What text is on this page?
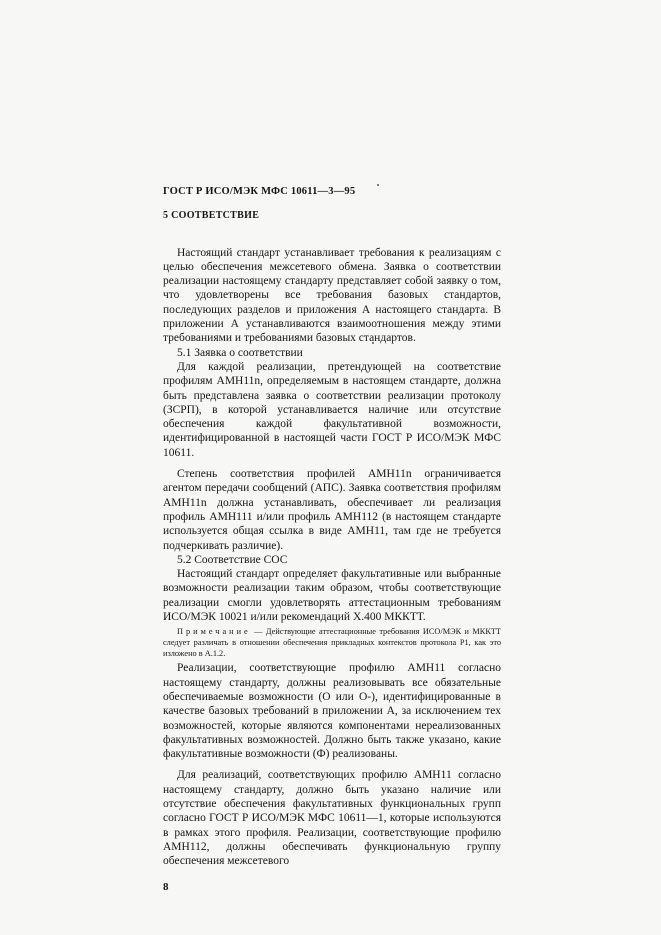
ГОСТ Р ИСО/МЭК МФС 10611—3—95
5 СООТВЕТСТВИЕ

Настоящий стандарт устанавливает требования к реализациям с целью обеспечения межсетевого обмена. Заявка о соответствии реализации настоящему стандарту представляет собой заявку о том, что удовлетворены все требования базовых стандартов, последующих разделов и приложения А настоящего стандарта. В приложении А устанавливаются взаимоотношения между этими требованиями и требованиями базовых стандартов.

5.1 Заявка о соответствии

Для каждой реализации, претендующей на соответствие профилям АМН11n, определяемым в настоящем стандарте, должна быть представлена заявка о соответствии реализации протоколу (ЗСРП), в которой устанавливается наличие или отсутствие обеспечения каждой факультативной возможности, идентифицированной в настоящей части ГОСТ Р ИСО/МЭК МФС 10611.

Степень соответствия профилей АМН11n ограничивается агентом передачи сообщений (АПС). Заявка соответствия профилям АМН11n должна устанавливать, обеспечивает ли реализация профиль АМН111 и/или профиль АМН112 (в настоящем стандарте используется общая ссылка в виде АМН11, там где не требуется подчеркивать различие).

5.2 Соответствие СОС

Настоящий стандарт определяет факультативные или выбранные возможности реализации таким образом, чтобы соответствующие реализации смогли удовлетворять аттестационным требованиям ИСО/МЭК 10021 и/или рекомендаций Х.400 МККТТ.

Примечание — Действующие аттестационные требования ИСО/МЭК и МККТТ следует различать в отношении обеспечения прикладных контекстов протокола Р1, как это изложено в А.1.2.

Реализации, соответствующие профилю АМН11 согласно настоящему стандарту, должны реализовывать все обязательные обеспечиваемые возможности (О или О-), идентифицированные в качестве базовых требований в приложении А, за исключением тех возможностей, которые являются компонентами нереализованных факультативных возможностей. Должно быть также указано, какие факультативные возможности (Ф) реализованы.

Для реализаций, соответствующих профилю АМН11 согласно настоящему стандарту, должно быть указано наличие или отсутствие обеспечения факультативных функциональных групп согласно ГОСТ Р ИСО/МЭК МФС 10611—1, которые используются в рамках этого профиля. Реализации, соответствующие профилю АМН112, должны обеспечивать функциональную группу обеспечения межсетевого

8
